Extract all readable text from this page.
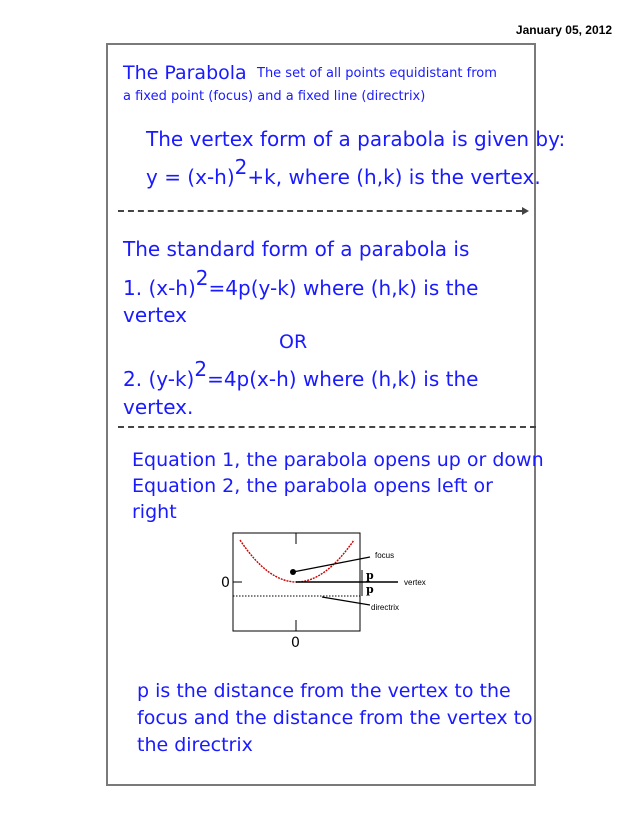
January 05, 2012
The Parabola The set of all points equidistant from
a fixed point (focus) and a fixed line (directrix)
The vertex form of a parabola is given by:
$y = (x-h)^2+k$, where (h,k) is the vertex.
The standard form of a parabola is
1. $(x-h)^2=4p(y-k)$ where (h,k) is the
vertex
OR
2. $(y-k)^2=4p(x-h)$ where (h,k) is the
vertex.
Equation 1, the parabola opens up or down
Equation 2, the parabola opens left or
right
0
0
focus
vertex
directrix
p
p
p is the distance from the vertex to the
focus and the distance from the vertex to
the directrix
